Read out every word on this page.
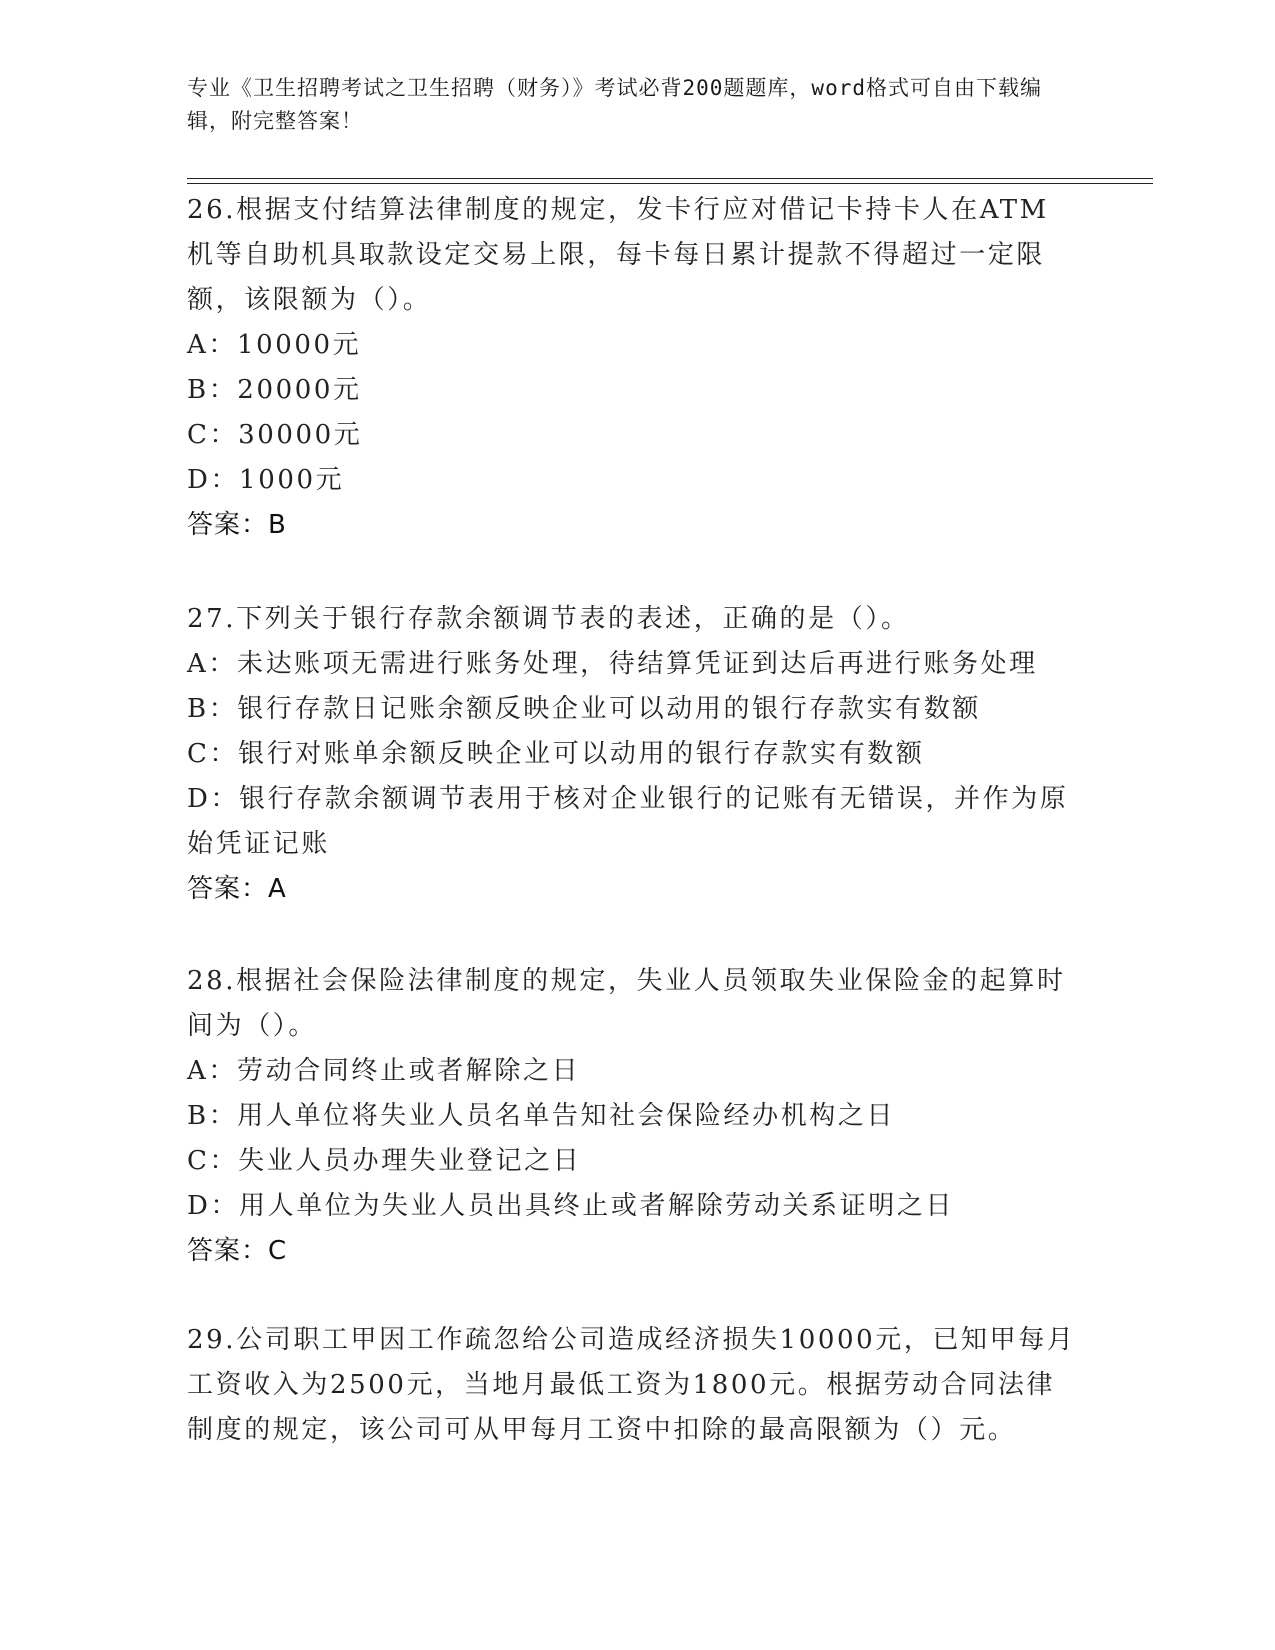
专业《卫生招聘考试之卫生招聘（财务）》考试必背200题题库，word格式可自由下载编辑，附完整答案！

26.根据支付结算法律制度的规定，发卡行应对借记卡持卡人在ATM机等自助机具取款设定交易上限，每卡每日累计提款不得超过一定限额，该限额为（）。

A：10000元

B：20000元

C：30000元

D：1000元

答案：B

27.下列关于银行存款余额调节表的表述，正确的是（）。

A：未达账项无需进行账务处理，待结算凭证到达后再进行账务处理

B：银行存款日记账余额反映企业可以动用的银行存款实有数额

C：银行对账单余额反映企业可以动用的银行存款实有数额

D：银行存款余额调节表用于核对企业银行的记账有无错误，并作为原始凭证记账

答案：A

28.根据社会保险法律制度的规定，失业人员领取失业保险金的起算时间为（）。

A：劳动合同终止或者解除之日

B：用人单位将失业人员名单告知社会保险经办机构之日

C：失业人员办理失业登记之日

D：用人单位为失业人员出具终止或者解除劳动关系证明之日

答案：C

29.公司职工甲因工作疏忽给公司造成经济损失10000元，已知甲每月工资收入为2500元，当地月最低工资为1800元。根据劳动合同法律制度的规定，该公司可从甲每月工资中扣除的最高限额为（）元。
